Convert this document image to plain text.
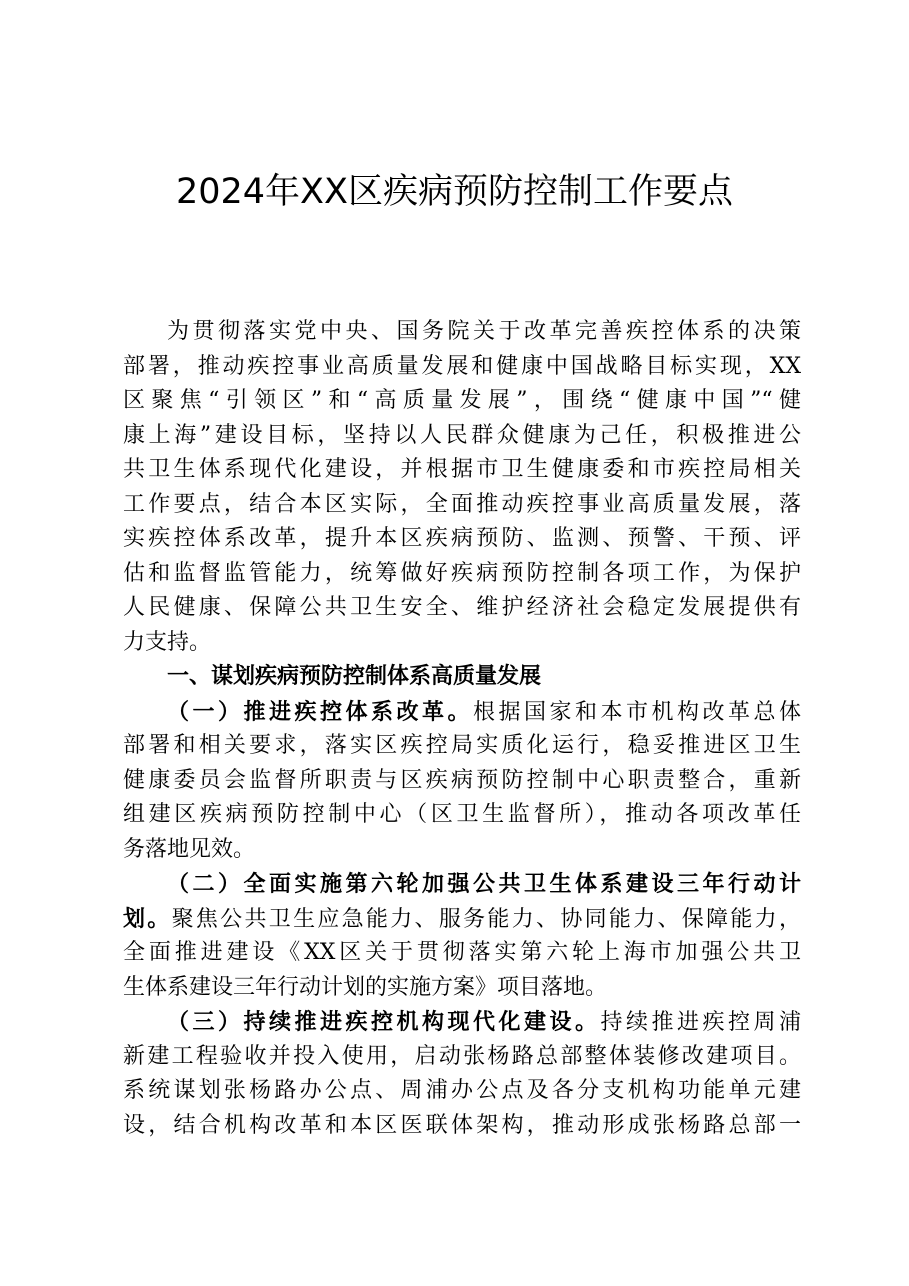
2024年XX区疾病预防控制工作要点
为贯彻落实党中央、国务院关于改革完善疾控体系的决策
部署，推动疾控事业高质量发展和健康中国战略目标实现，XX
区聚焦“引领区”和“高质量发展”，围绕“健康中国”“健
康上海”建设目标，坚持以人民群众健康为己任，积极推进公
共卫生体系现代化建设，并根据市卫生健康委和市疾控局相关
工作要点，结合本区实际，全面推动疾控事业高质量发展，落
实疾控体系改革，提升本区疾病预防、监测、预警、干预、评
估和监督监管能力，统筹做好疾病预防控制各项工作，为保护
人民健康、保障公共卫生安全、维护经济社会稳定发展提供有
力支持。
一、谋划疾病预防控制体系高质量发展
（一）推进疾控体系改革。根据国家和本市机构改革总体
部署和相关要求，落实区疾控局实质化运行，稳妥推进区卫生
健康委员会监督所职责与区疾病预防控制中心职责整合，重新
组建区疾病预防控制中心（区卫生监督所），推动各项改革任
务落地见效。
（二）全面实施第六轮加强公共卫生体系建设三年行动计
划。聚焦公共卫生应急能力、服务能力、协同能力、保障能力，
全面推进建设《XX区关于贯彻落实第六轮上海市加强公共卫
生体系建设三年行动计划的实施方案》项目落地。
（三）持续推进疾控机构现代化建设。持续推进疾控周浦
新建工程验收并投入使用，启动张杨路总部整体装修改建项目。
系统谋划张杨路办公点、周浦办公点及各分支机构功能单元建
设，结合机构改革和本区医联体架构，推动形成张杨路总部一
